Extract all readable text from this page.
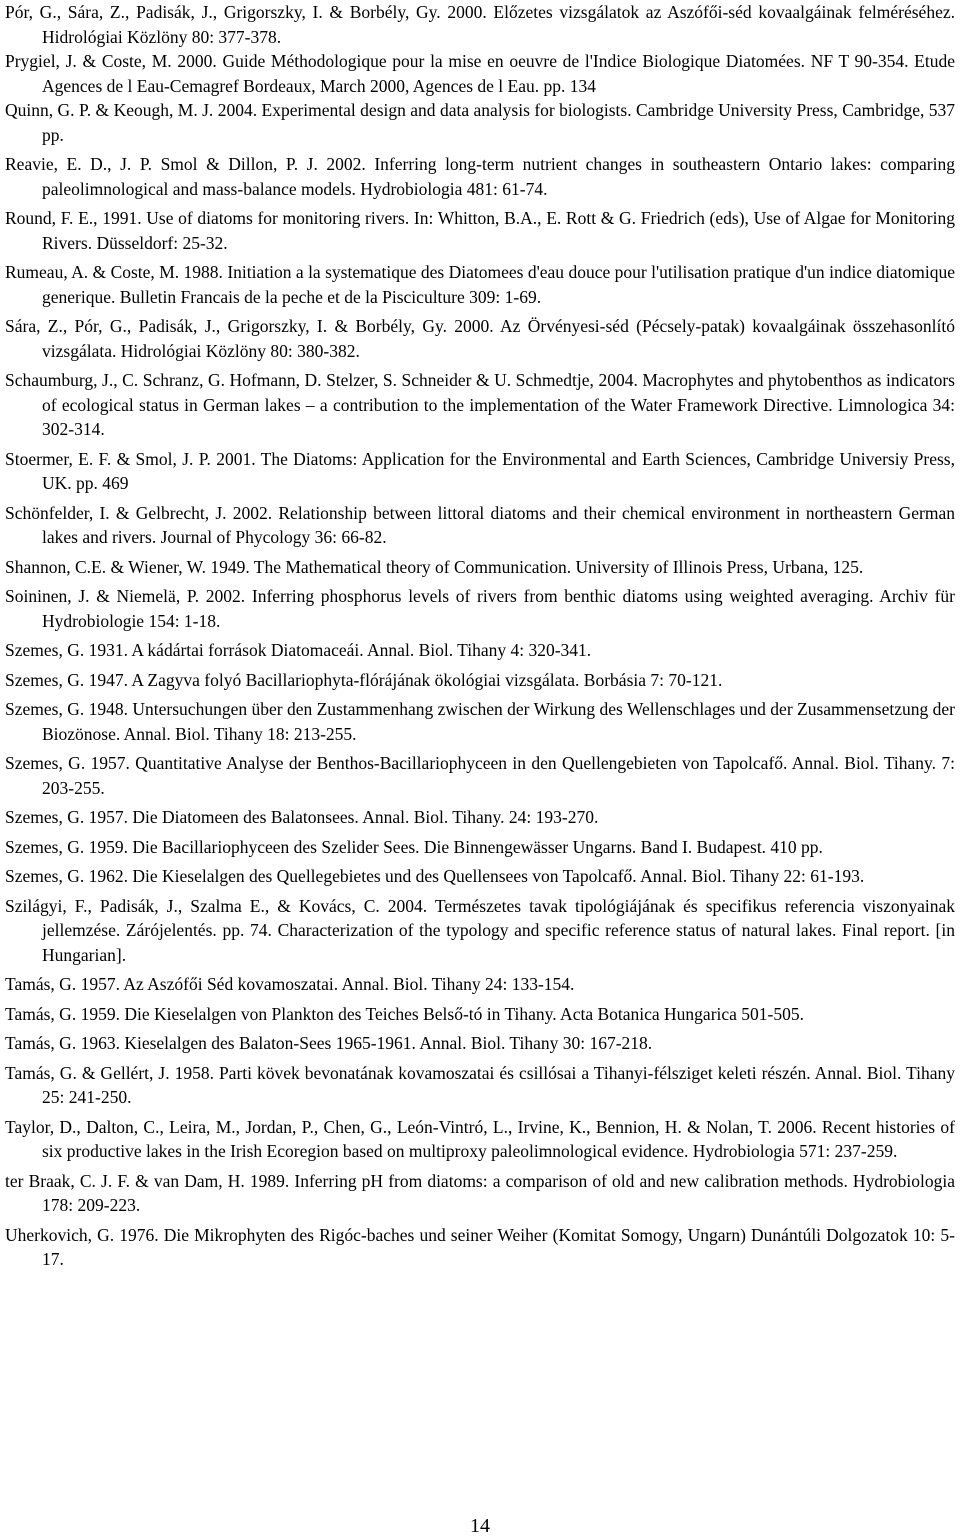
Pór, G., Sára, Z., Padisák, J., Grigorszky, I. & Borbély, Gy. 2000. Előzetes vizsgálatok az Aszófői-séd kovaalgáinak felméréséhez. Hidrológiai Közlöny 80: 377-378.

Prygiel, J. & Coste, M. 2000. Guide Méthodologique pour la mise en oeuvre de l'Indice Biologique Diatomées. NF T 90-354. Etude Agences de l Eau-Cemagref Bordeaux, March 2000, Agences de l Eau. pp. 134

Quinn, G. P. & Keough, M. J. 2004. Experimental design and data analysis for biologists. Cambridge University Press, Cambridge, 537 pp.

Reavie, E. D., J. P. Smol & Dillon, P. J. 2002. Inferring long-term nutrient changes in southeastern Ontario lakes: comparing paleolimnological and mass-balance models. Hydrobiologia 481: 61-74.

Round, F. E., 1991. Use of diatoms for monitoring rivers. In: Whitton, B.A., E. Rott & G. Friedrich (eds), Use of Algae for Monitoring Rivers. Düsseldorf: 25-32.

Rumeau, A. & Coste, M. 1988. Initiation a la systematique des Diatomees d'eau douce pour l'utilisation pratique d'un indice diatomique generique. Bulletin Francais de la peche et de la Pisciculture 309: 1-69.

Sára, Z., Pór, G., Padisák, J., Grigorszky, I. & Borbély, Gy. 2000. Az Örvényesi-séd (Pécsely-patak) kovaalgáinak összehasonlító vizsgálata. Hidrológiai Közlöny 80: 380-382.

Schaumburg, J., C. Schranz, G. Hofmann, D. Stelzer, S. Schneider & U. Schmedtje, 2004. Macrophytes and phytobenthos as indicators of ecological status in German lakes – a contribution to the implementation of the Water Framework Directive. Limnologica 34: 302-314.

Stoermer, E. F. & Smol, J. P. 2001. The Diatoms: Application for the Environmental and Earth Sciences, Cambridge Universiy Press, UK. pp. 469

Schönfelder, I. & Gelbrecht, J. 2002. Relationship between littoral diatoms and their chemical environment in northeastern German lakes and rivers. Journal of Phycology 36: 66-82.

Shannon, C.E. & Wiener, W. 1949. The Mathematical theory of Communication. University of Illinois Press, Urbana, 125.

Soininen, J. & Niemelä, P. 2002. Inferring phosphorus levels of rivers from benthic diatoms using weighted averaging. Archiv für Hydrobiologie 154: 1-18.

Szemes, G. 1931. A kádártai források Diatomaceái. Annal. Biol. Tihany 4: 320-341.

Szemes, G. 1947. A Zagyva folyó Bacillariophyta-flórájának ökológiai vizsgálata. Borbásia 7: 70-121.

Szemes, G. 1948. Untersuchungen über den Zustammenhang zwischen der Wirkung des Wellenschlages und der Zusammensetzung der Biozönose. Annal. Biol. Tihany 18: 213-255.

Szemes, G. 1957. Quantitative Analyse der Benthos-Bacillariophyceen in den Quellengebieten von Tapolcafő. Annal. Biol. Tihany. 7: 203-255.

Szemes, G. 1957. Die Diatomeen des Balatonsees. Annal. Biol. Tihany. 24: 193-270.

Szemes, G. 1959. Die Bacillariophyceen des Szelider Sees. Die Binnengewässer Ungarns. Band I. Budapest. 410 pp.

Szemes, G. 1962. Die Kieselalgen des Quellegebietes und des Quellensees von Tapolcafő. Annal. Biol. Tihany 22: 61-193.

Szilágyi, F., Padisák, J., Szalma E., & Kovács, C. 2004. Természetes tavak tipológiájának és specifikus referencia viszonyainak jellemzése. Zárójelentés. pp. 74. Characterization of the typology and specific reference status of natural lakes. Final report. [in Hungarian].

Tamás, G. 1957. Az Aszófői Séd kovamoszatai. Annal. Biol. Tihany 24: 133-154.

Tamás, G. 1959. Die Kieselalgen von Plankton des Teiches Belső-tó in Tihany. Acta Botanica Hungarica 501-505.

Tamás, G. 1963. Kieselalgen des Balaton-Sees 1965-1961. Annal. Biol. Tihany 30: 167-218.

Tamás, G. & Gellért, J. 1958. Parti kövek bevonatának kovamoszatai és csillósai a Tihanyi-félsziget keleti részén. Annal. Biol. Tihany 25: 241-250.

Taylor, D., Dalton, C., Leira, M., Jordan, P., Chen, G., León-Vintró, L., Irvine, K., Bennion, H. & Nolan, T. 2006. Recent histories of six productive lakes in the Irish Ecoregion based on multiproxy paleolimnological evidence. Hydrobiologia 571: 237-259.

ter Braak, C. J. F. & van Dam, H. 1989. Inferring pH from diatoms: a comparison of old and new calibration methods. Hydrobiologia 178: 209-223.

Uherkovich, G. 1976. Die Mikrophyten des Rigóc-baches und seiner Weiher (Komitat Somogy, Ungarn) Dunántúli Dolgozatok 10: 5-17.

14
